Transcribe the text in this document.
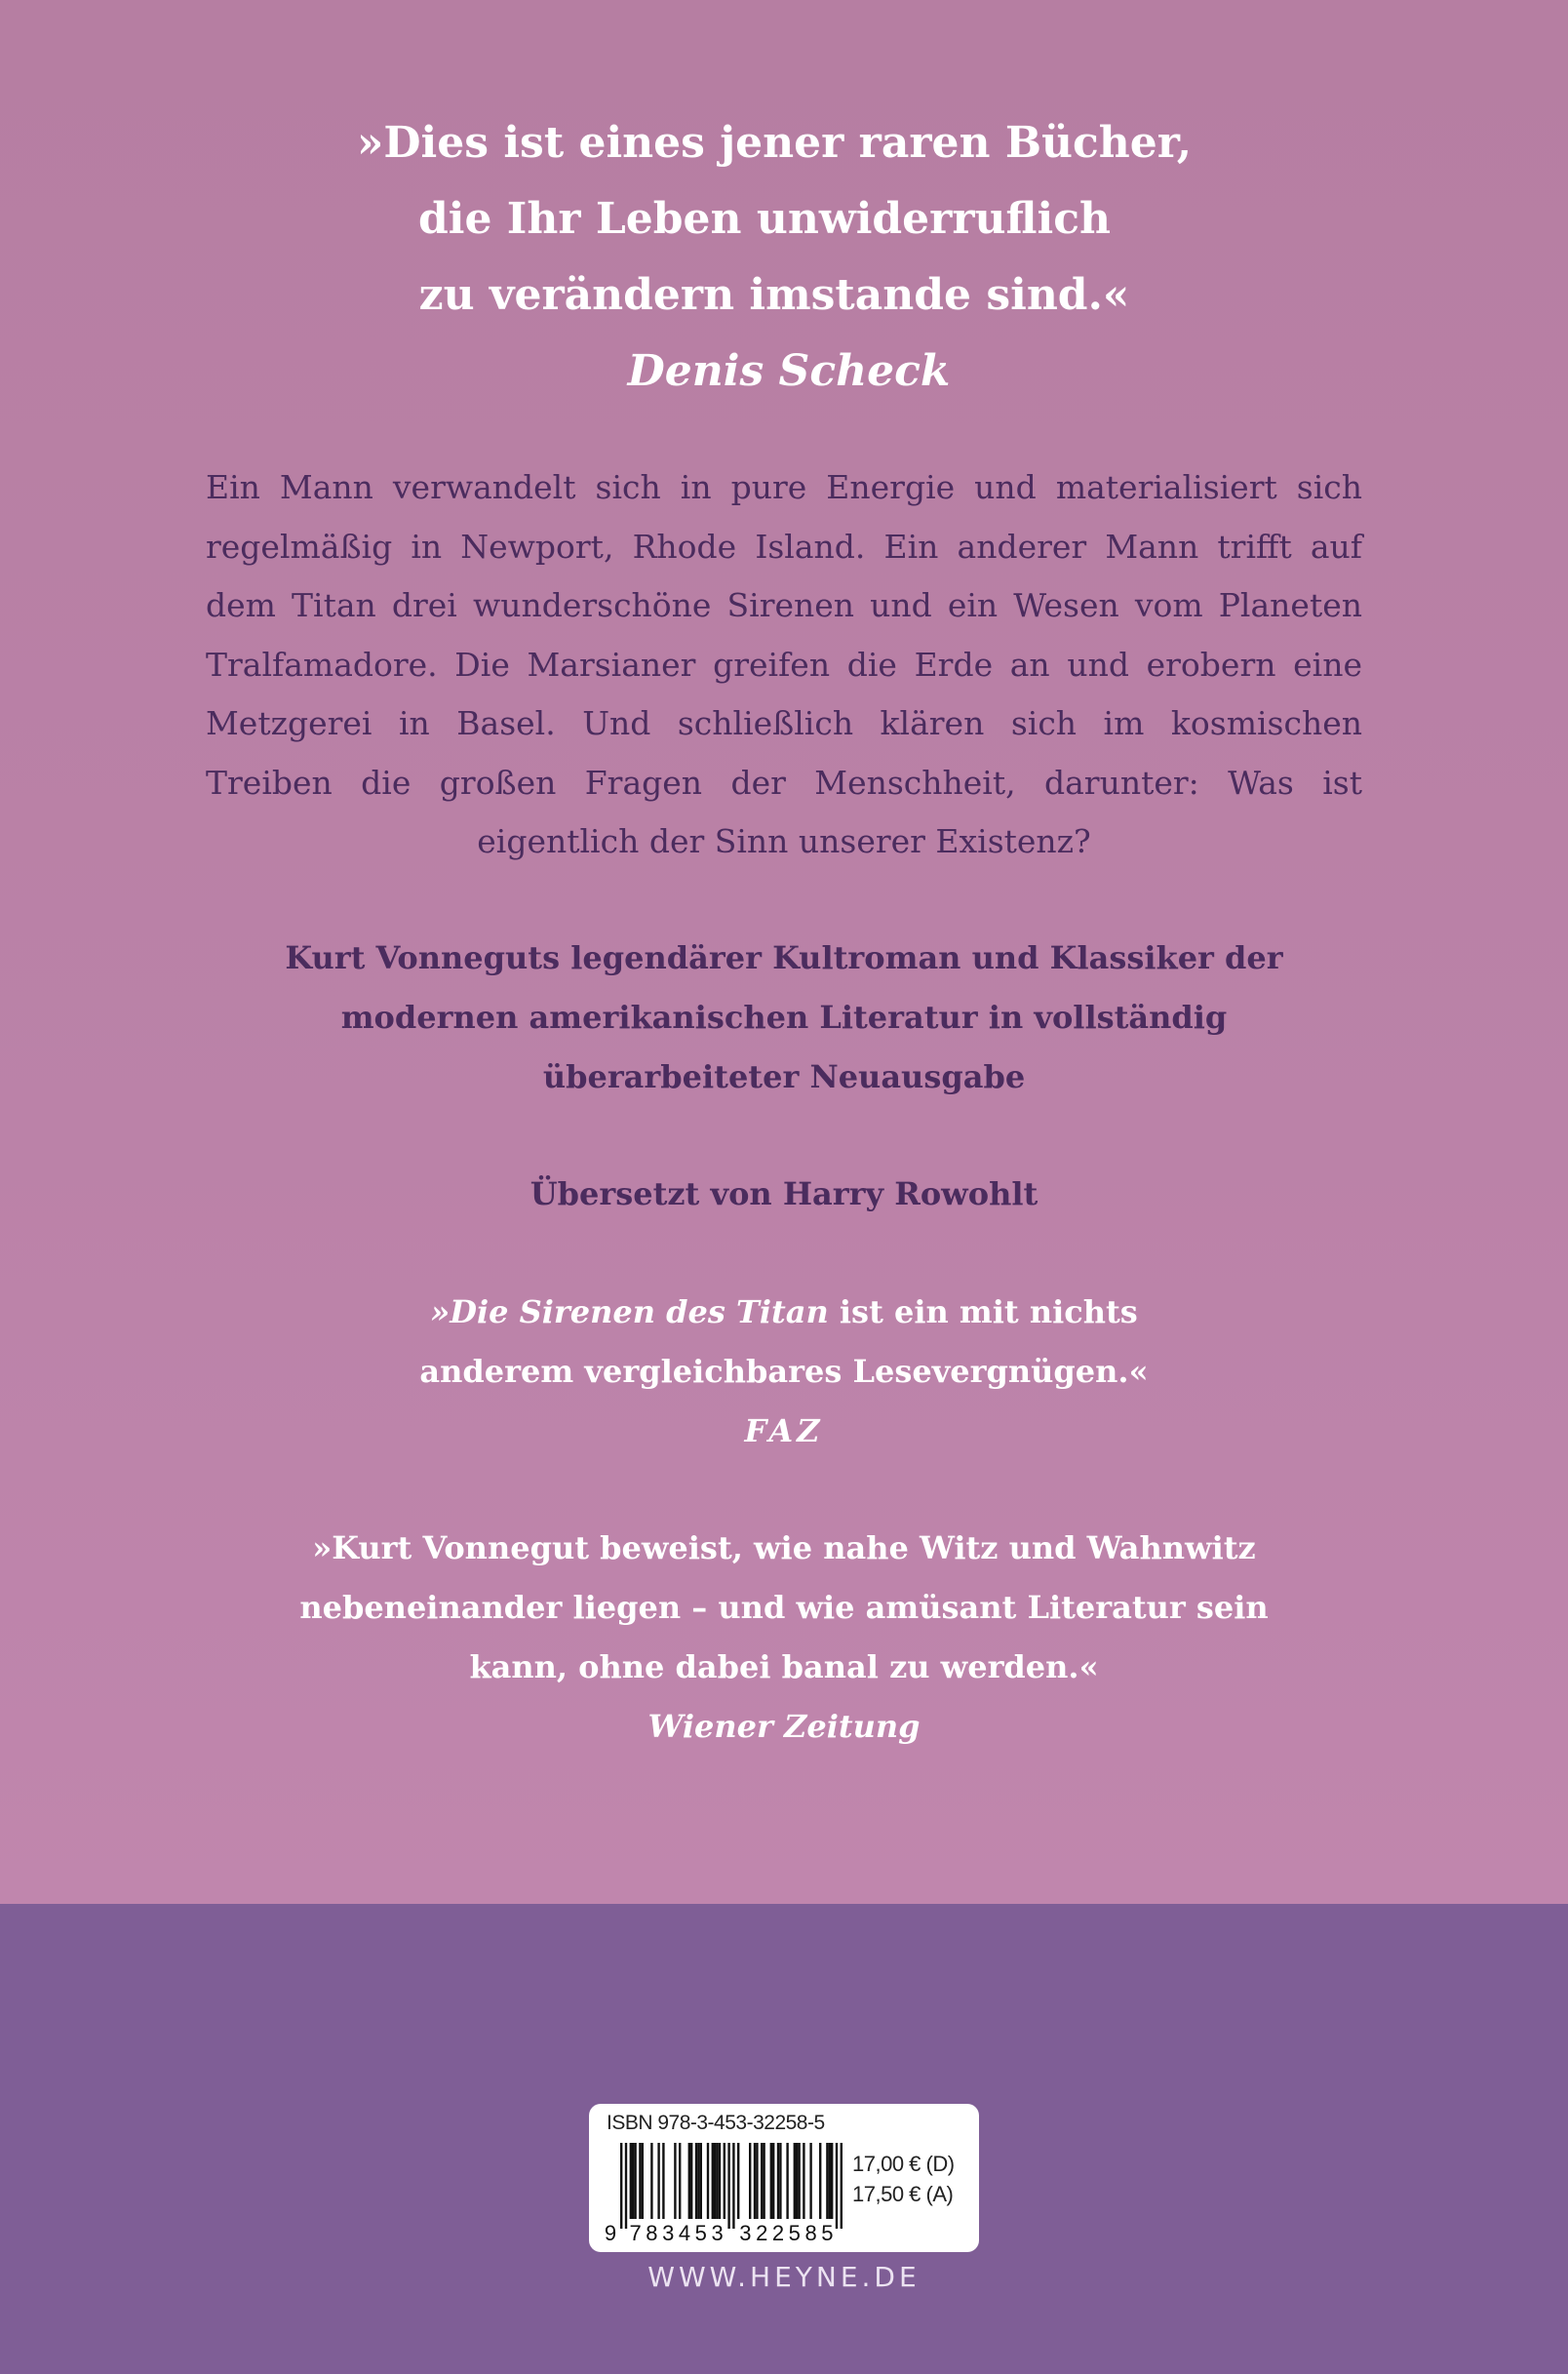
»Dies ist eines jener raren Bücher,
die Ihr Leben unwiderruflich
zu verändern imstande sind.«
Denis Scheck
Ein Mann verwandelt sich in pure Energie und materialisiert sich regelmäßig in Newport, Rhode Island. Ein anderer Mann trifft auf dem Titan drei wunderschöne Sirenen und ein Wesen vom Planeten Tralfamadore. Die Marsianer greifen die Erde an und erobern eine Metzgerei in Basel. Und schließlich klären sich im kosmischen Treiben die großen Fragen der Menschheit, darunter: Was ist eigentlich der Sinn unserer Existenz?
Kurt Vonneguts legendärer Kultroman und Klassiker der
modernen amerikanischen Literatur in vollständig
überarbeiteter Neuausgabe
Übersetzt von Harry Rowohlt
»Die Sirenen des Titan ist ein mit nichts
anderem vergleichbares Lesevergnügen.«
FAZ
»Kurt Vonnegut beweist, wie nahe Witz und Wahnwitz
nebeneinander liegen – und wie amüsant Literatur sein
kann, ohne dabei banal zu werden.«
Wiener Zeitung
ISBN 978-3-453-32258-5
9 7 8 3 4 5 3 3 2 2 5 8 5
17,00 € (D)
17,50 € (A)
WWW.HEYNE.DE
